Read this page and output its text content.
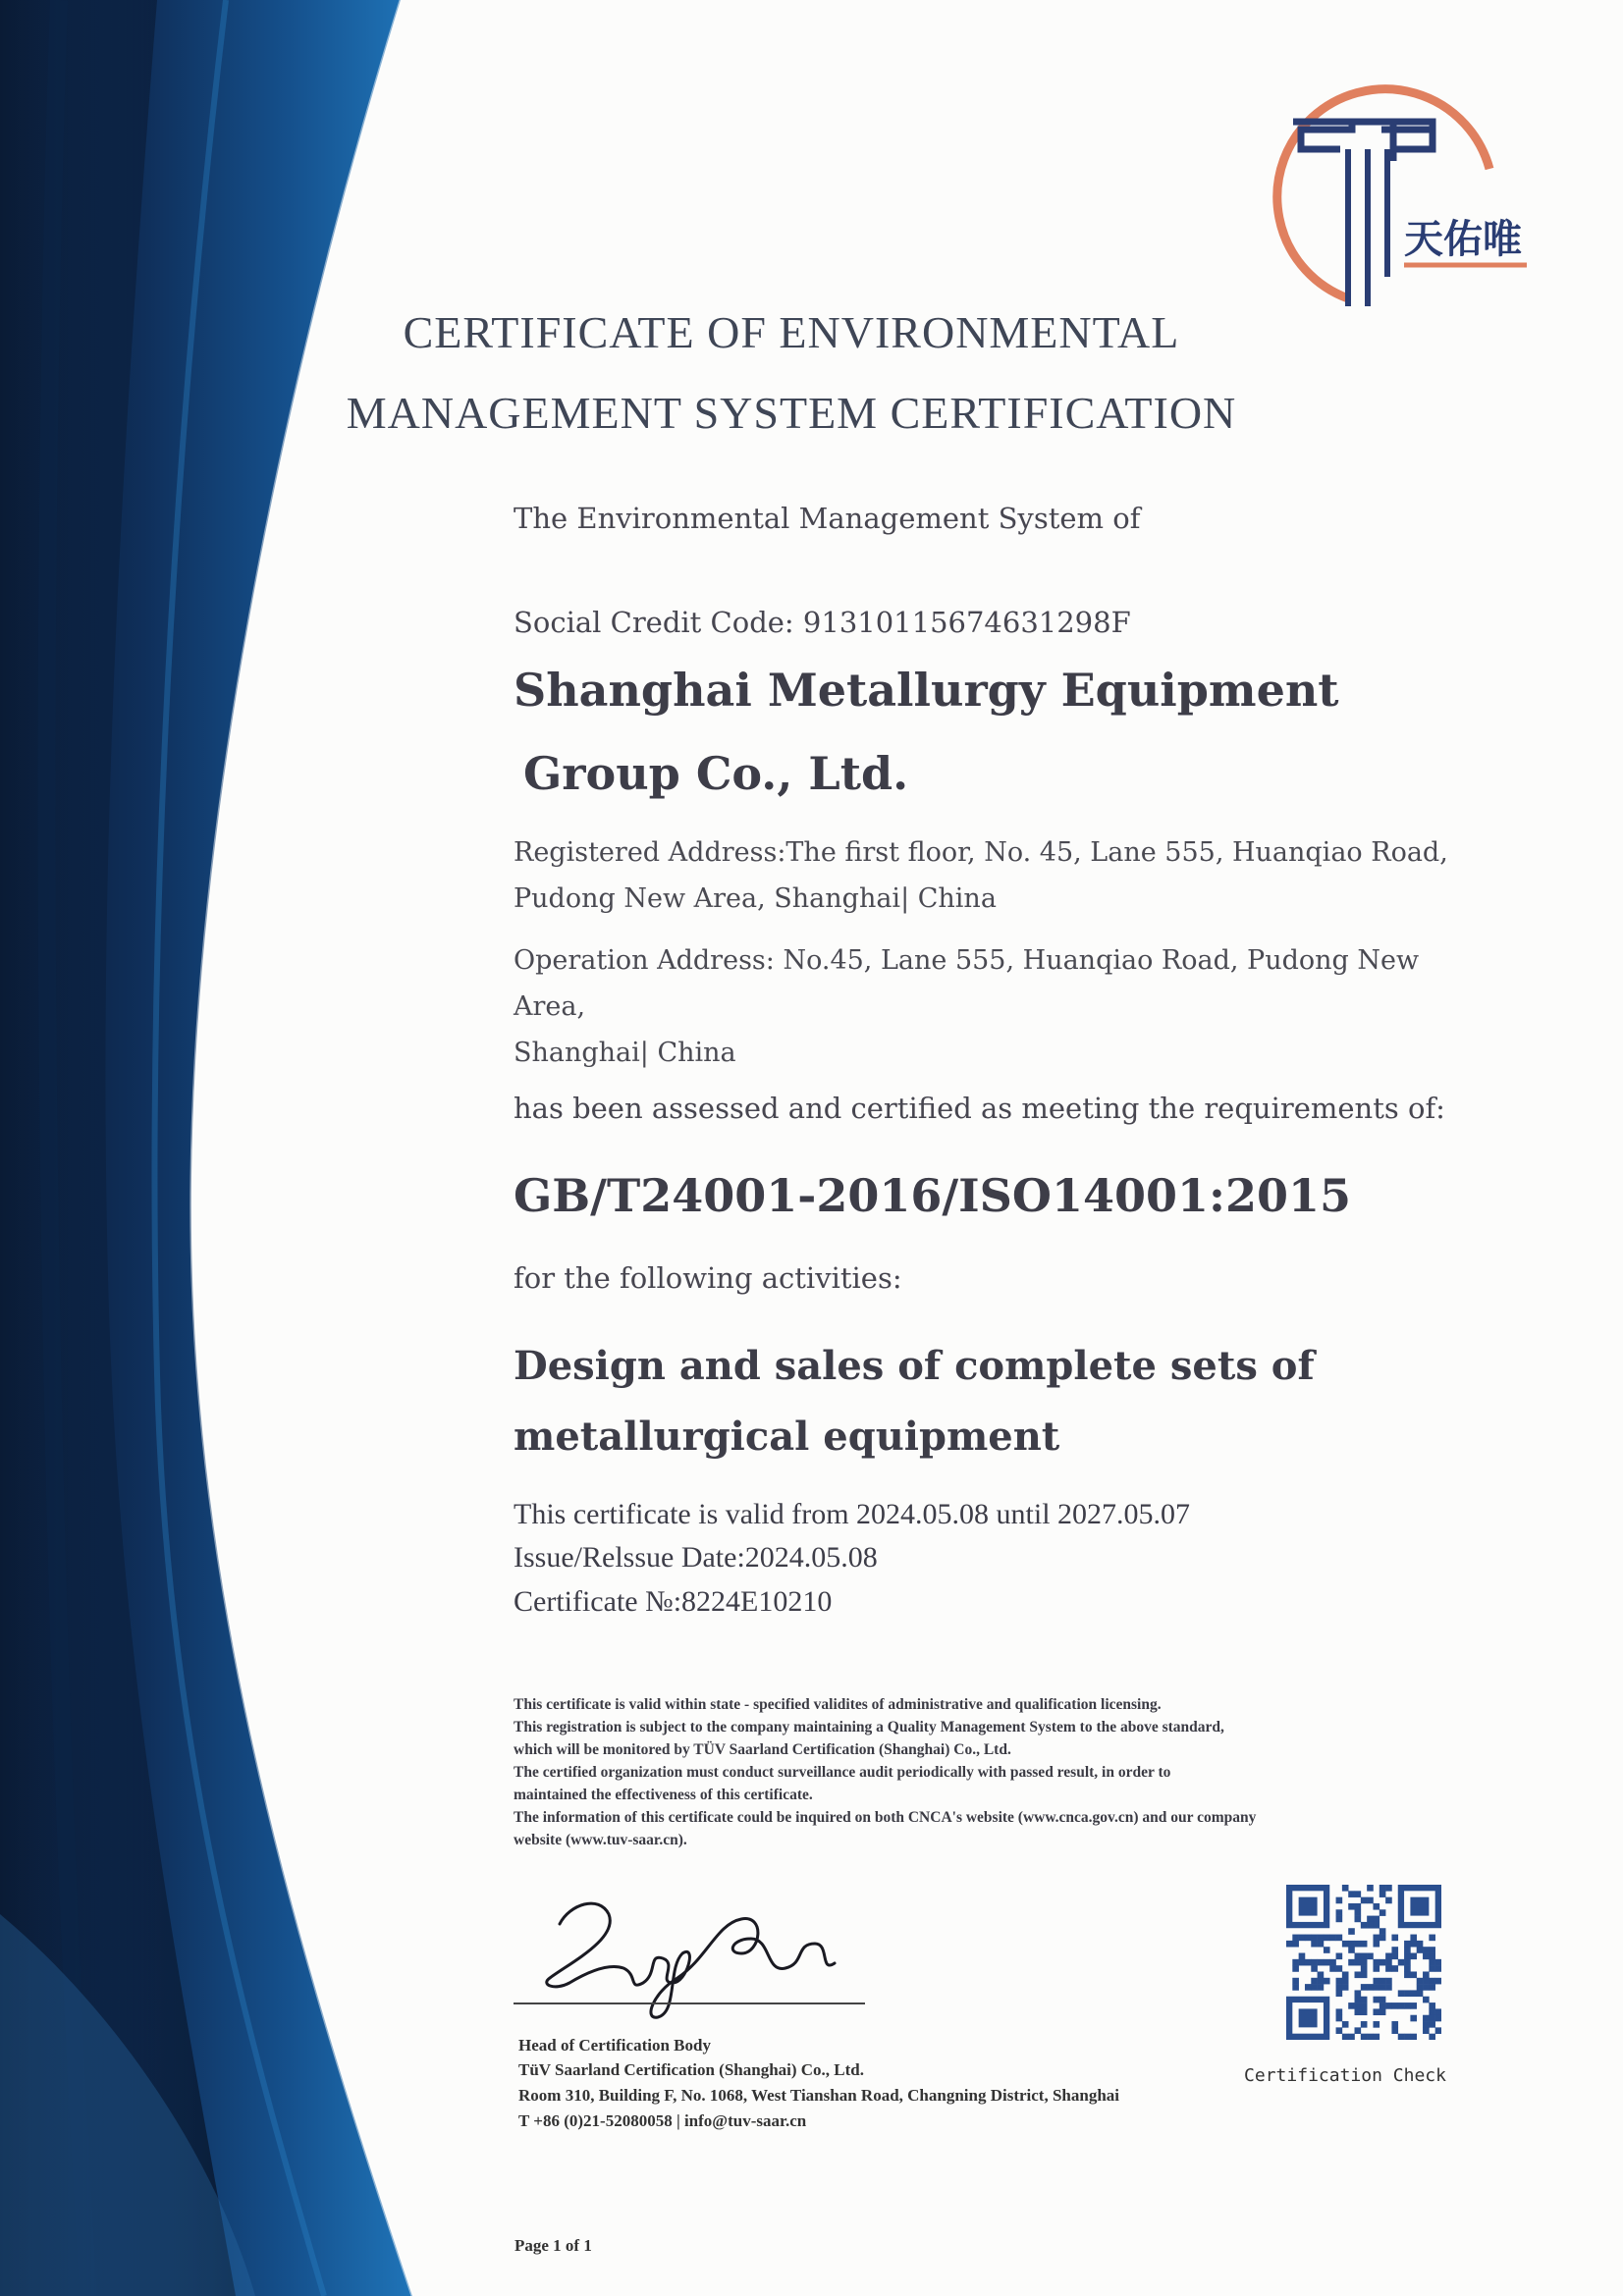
天佑唯
CERTIFICATE OF ENVIRONMENTAL
MANAGEMENT SYSTEM CERTIFICATION
The Environmental Management System of
Social Credit Code: 91310115674631298F
Shanghai Metallurgy Equipment
Group Co., Ltd.
Registered Address:The first floor, No. 45, Lane 555, Huanqiao Road,
Pudong New Area, Shanghai| China
Operation Address: No.45, Lane 555, Huanqiao Road, Pudong New Area,
Shanghai| China
has been assessed and certified as meeting the requirements of:
GB/T24001-2016/ISO14001:2015
for the following activities:
Design and sales of complete sets of
metallurgical equipment
This certificate is valid from 2024.05.08 until 2027.05.07
Issue/Relssue Date:2024.05.08
Certificate №:8224E10210
This certificate is valid within state - specified validites of administrative and qualification licensing.
This registration is subject to the company maintaining a Quality Management System to the above standard,
which will be monitored by TÜV Saarland Certification (Shanghai) Co., Ltd.
The certified organization must conduct surveillance audit periodically with passed result, in order to
maintained the effectiveness of this certificate.
The information of this certificate could be inquired on both CNCA's website (www.cnca.gov.cn) and our company
website (www.tuv-saar.cn).
Head of Certification Body
TüV Saarland Certification (Shanghai) Co., Ltd.
Room 310, Building F, No. 1068, West Tianshan Road, Changning District, Shanghai
T +86 (0)21-52080058 | info@tuv-saar.cn
Certification Check
Page 1 of 1
